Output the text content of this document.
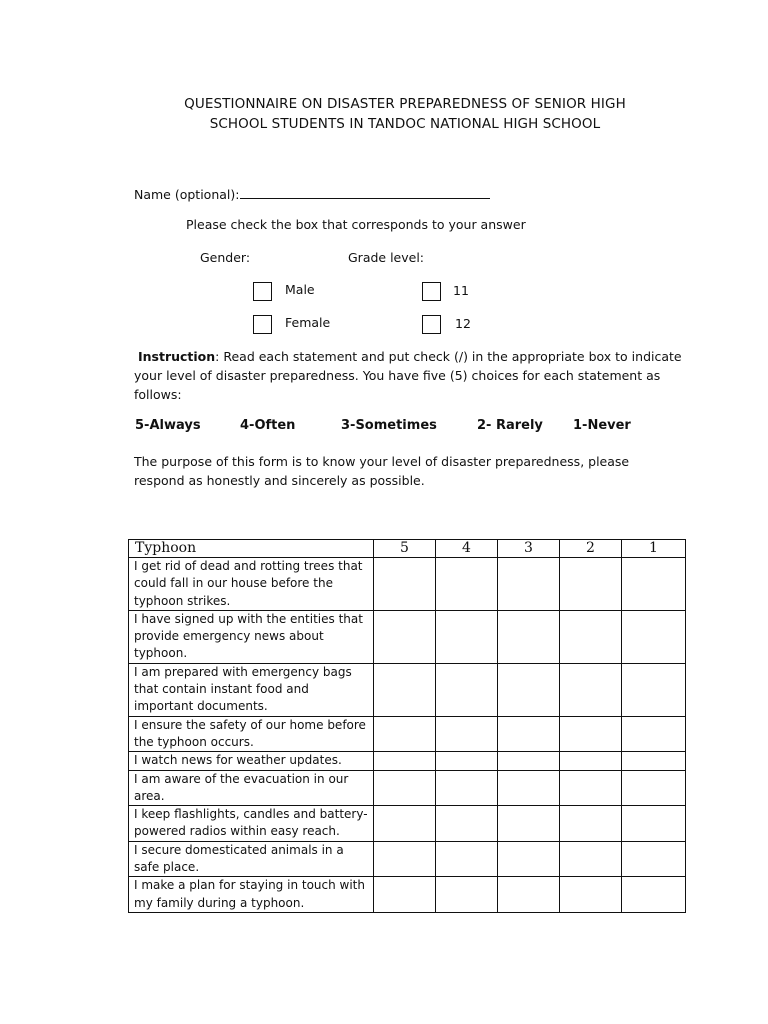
QUESTIONNAIRE ON DISASTER PREPAREDNESS OF SENIOR HIGH
SCHOOL STUDENTS IN TANDOC NATIONAL HIGH SCHOOL
Name (optional):
Please check the box that corresponds to your answer
Gender:	Grade level:
Male
Female
11
12
Instruction: Read each statement and put check (/) in the appropriate box to indicate your level of disaster preparedness. You have five (5) choices for each statement as follows:
5-Always	4-Often	3-Sometimes	2- Rarely 1-Never
The purpose of this form is to know your level of disaster preparedness, please respond as honestly and sincerely as possible.
Typhoon	5	4	3	2	1
I get rid of dead and rotting trees that could fall in our house before the typhoon strikes.					
I have signed up with the entities that provide emergency news about typhoon.					
I am prepared with emergency bags that contain instant food and important documents.					
I ensure the safety of our home before the typhoon occurs.					
I watch news for weather updates.					
I am aware of the evacuation in our area.					
I keep flashlights, candles and battery-powered radios within easy reach.					
I secure domesticated animals in a safe place.					
I make a plan for staying in touch with my family during a typhoon.					
